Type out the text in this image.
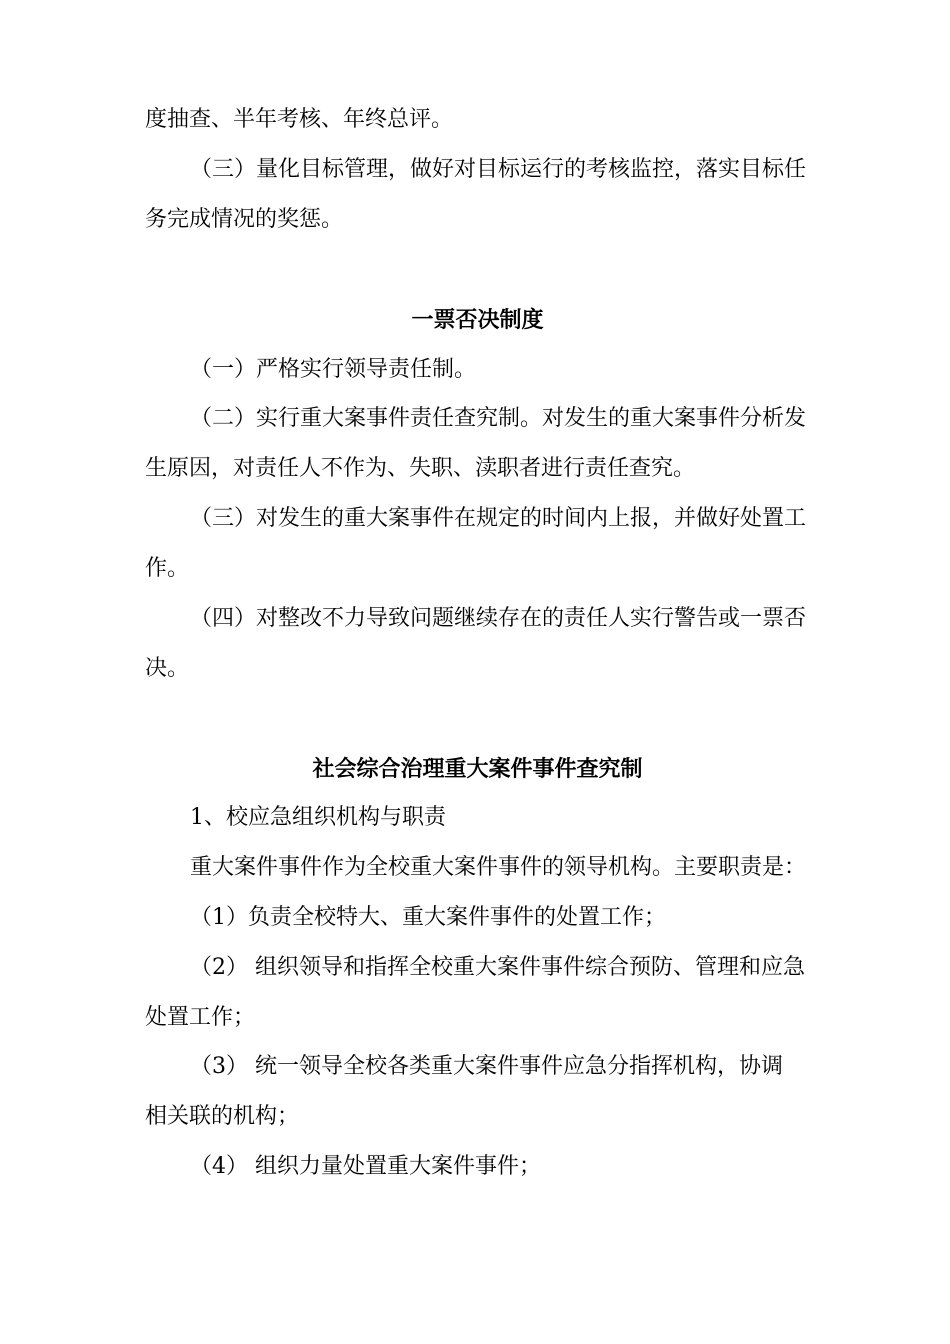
度抽查、半年考核、年终总评。
（三）量化目标管理，做好对目标运行的考核监控，落实目标任
务完成情况的奖惩。
一票否决制度
（一）严格实行领导责任制。
（二）实行重大案事件责任查究制。对发生的重大案事件分析发
生原因，对责任人不作为、失职、渎职者进行责任查究。
（三）对发生的重大案事件在规定的时间内上报，并做好处置工
作。
（四）对整改不力导致问题继续存在的责任人实行警告或一票否
决。
社会综合治理重大案件事件查究制
1、校应急组织机构与职责
重大案件事件作为全校重大案件事件的领导机构。主要职责是：
（1）负责全校特大、重大案件事件的处置工作；
（2） 组织领导和指挥全校重大案件事件综合预防、管理和应急
处置工作；
（3） 统一领导全校各类重大案件事件应急分指挥机构，协调
相关联的机构；
（4） 组织力量处置重大案件事件；
